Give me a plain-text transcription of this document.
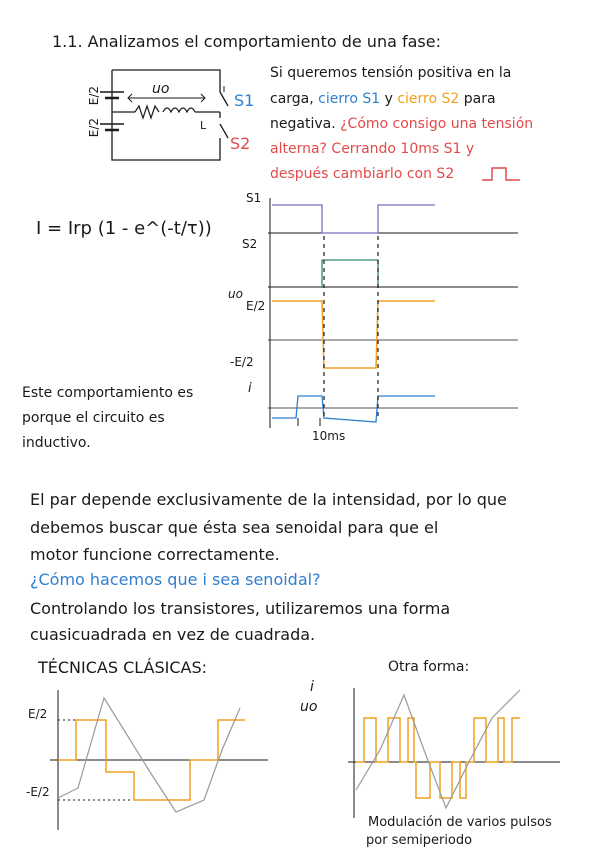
1.1. Analizamos el comportamiento de una fase:
E/2
E/2
uo
S1
S2
L
Si queremos tensión positiva en la
carga, cierro S1 y cierro S2 para
negativa. ¿Cómo consigo una tensión
alterna? Cerrando 10ms S1 y
después cambiarlo con S2
I = Irp (1 - e^(-t/τ))
S1
S2
uo
E/2
-E/2
i
10ms
Este comportamiento es
porque el circuito es
inductivo.
El par depende exclusivamente de la intensidad, por lo que
debemos buscar que ésta sea senoidal para que el
motor funcione correctamente.
¿Cómo hacemos que i sea senoidal?
Controlando los transistores, utilizaremos una forma
cuasicuadrada en vez de cuadrada.
TÉCNICAS CLÁSICAS:
E/2
-E/2
i
uo
Otra forma:
Modulación de varios pulsos
por semiperiodo
